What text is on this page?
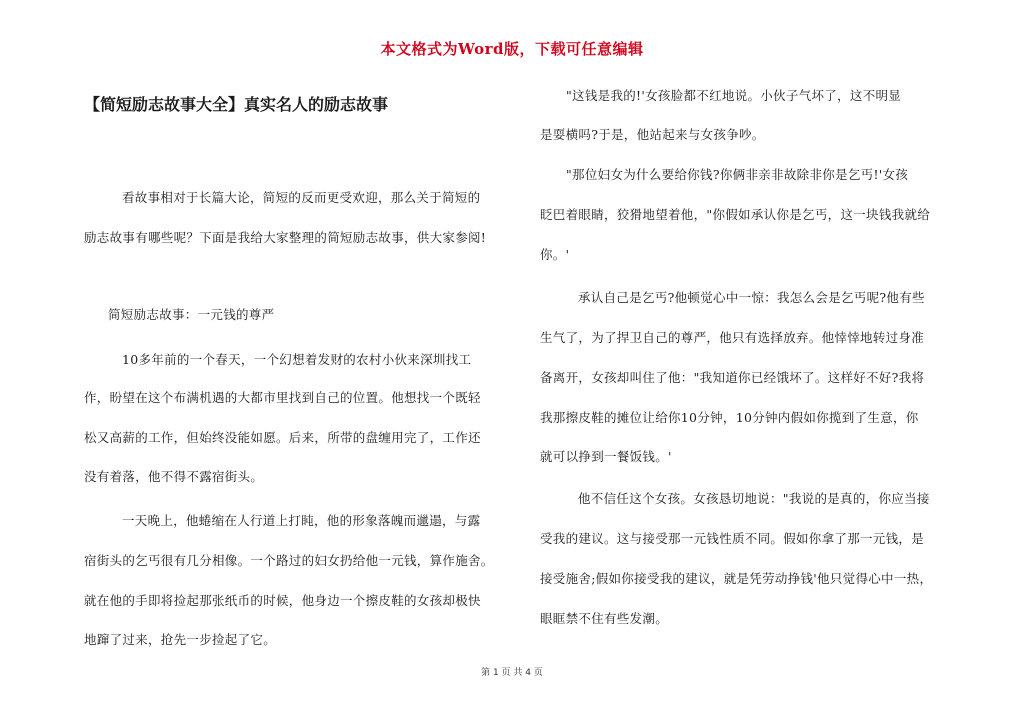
本文格式为Word版，下载可任意编辑
【简短励志故事大全】真实名人的励志故事
看故事相对于长篇大论，简短的反而更受欢迎，那么关于简短的
励志故事有哪些呢？下面是我给大家整理的简短励志故事，供大家参阅!
简短励志故事：一元钱的尊严
10多年前的一个春天，一个幻想着发财的农村小伙来深圳找工
作，盼望在这个布满机遇的大都市里找到自己的位置。他想找一个既轻
松又高薪的工作，但始终没能如愿。后来，所带的盘缠用完了，工作还
没有着落，他不得不露宿街头。
一天晚上，他蜷缩在人行道上打盹，他的形象落魄而邋遢，与露
宿街头的乞丐很有几分相像。一个路过的妇女扔给他一元钱，算作施舍。
就在他的手即将捡起那张纸币的时候，他身边一个擦皮鞋的女孩却极快
地蹿了过来，抢先一步捡起了它。
"这钱是我的!'女孩脸都不红地说。小伙子气坏了，这不明显
是耍横吗?于是，他站起来与女孩争吵。
"那位妇女为什么要给你钱?你俩非亲非故除非你是乞丐!'女孩
眨巴着眼睛，狡猾地望着他，"你假如承认你是乞丐，这一块钱我就给
你。'
承认自己是乞丐?他顿觉心中一惊：我怎么会是乞丐呢?他有些
生气了，为了捍卫自己的尊严，他只有选择放弃。他悻悻地转过身准
备离开，女孩却叫住了他："我知道你已经饿坏了。这样好不好?我将
我那擦皮鞋的摊位让给你10分钟，10分钟内假如你揽到了生意，你
就可以挣到一餐饭钱。'
他不信任这个女孩。女孩恳切地说："我说的是真的，你应当接
受我的建议。这与接受那一元钱性质不同。假如你拿了那一元钱，是
接受施舍;假如你接受我的建议，就是凭劳动挣钱'他只觉得心中一热，
眼眶禁不住有些发潮。
第 1 页 共 4 页
